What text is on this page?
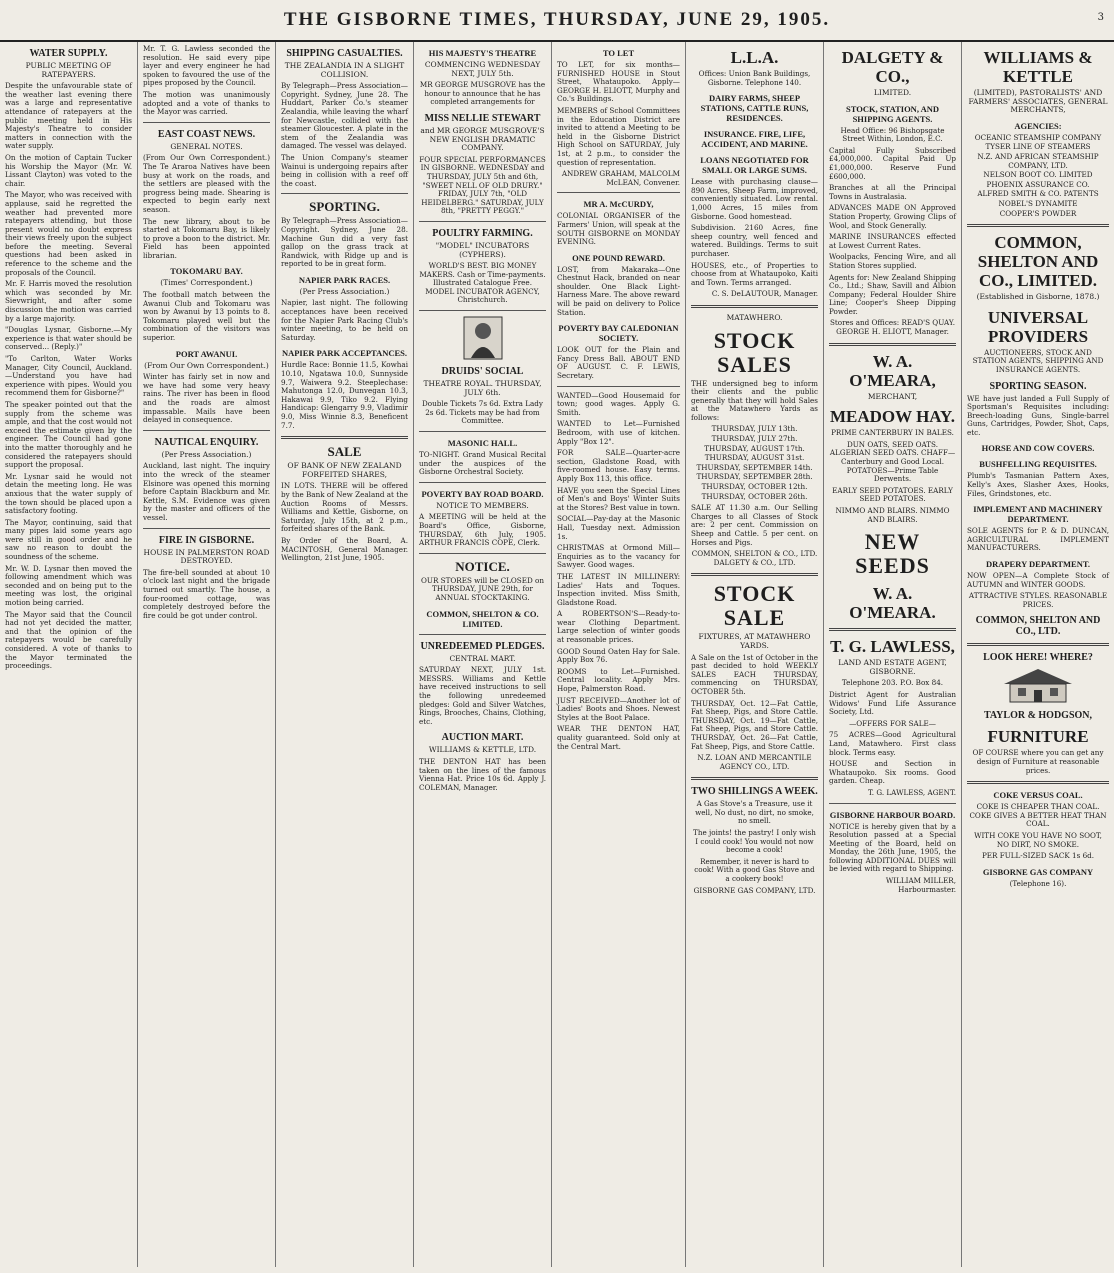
THE GISBORNE TIMES, THURSDAY, JUNE 29, 1905.	3
WATER SUPPLY.
PUBLIC MEETING OF RATEPAYERS.

Despite the unfavourable state of the weather last evening there was a large and representative attendance of ratepayers at the public meeting held in His Majesty's Theatre to consider matters in connection with the water supply.

On the motion of Captain Tucker his Worship the Mayor (Mr. W. Lissant Clayton) was voted to the chair.

The Mayor, who was received with applause, said he regretted the weather had prevented more ratepayers attending, but those present would no doubt express their views freely upon the subject before the meeting. Several questions had been asked in reference to the scheme and the proposals of the Council.

Mr. F. Harris moved the resolution which was seconded by Mr. Sievwright, and after some discussion the motion was carried by a large majority.

"Douglas Lysnar, Gisborne.—My experience is that water should be conserved... (Reply.)"

"To Carlton, Water Works Manager, City Council, Auckland.—Understand you have had experience with pipes. Would you recommend them for Gisborne?"

The speaker pointed out that the supply from the scheme was ample, and that the cost would not exceed the estimate given by the engineer. The Council had gone into the matter thoroughly and he considered the ratepayers should support the proposal.

Mr. Lysnar said he would not detain the meeting long. He was anxious that the water supply of the town should be placed upon a satisfactory footing.

The Mayor, continuing, said that many pipes laid some years ago were still in good order and he saw no reason to doubt the soundness of the scheme.

Mr. W. D. Lysnar then moved the following amendment which was seconded and on being put to the meeting was lost, the original motion being carried.

The Mayor said that the Council had not yet decided the matter, and that the opinion of the ratepayers would be carefully considered. A vote of thanks to the Mayor terminated the proceedings.

Mr. T. G. Lawless seconded the resolution. He said every pipe layer and every engineer he had spoken to favoured the use of the pipes proposed by the Council.

The motion was unanimously adopted and a vote of thanks to the Mayor was carried.

EAST COAST NEWS.
GENERAL NOTES.

(From Our Own Correspondent.) The Te Araroa Natives have been busy at work on the roads, and the settlers are pleased with the progress being made. Shearing is expected to begin early next season.

The new library, about to be started at Tokomaru Bay, is likely to prove a boon to the district. Mr. Field has been appointed librarian.

TOKOMARU BAY.
(Times' Correspondent.)

The football match between the Awanui Club and Tokomaru was won by Awanui by 13 points to 8. Tokomaru played well but the combination of the visitors was superior.

PORT AWANUI.
(From Our Own Correspondent.)

Winter has fairly set in now and we have had some very heavy rains. The river has been in flood and the roads are almost impassable. Mails have been delayed in consequence.

NAUTICAL ENQUIRY.
(Per Press Association.)

Auckland, last night. The inquiry into the wreck of the steamer Elsinore was opened this morning before Captain Blackburn and Mr. Kettle, S.M. Evidence was given by the master and officers of the vessel.

FIRE IN GISBORNE.
HOUSE IN PALMERSTON ROAD DESTROYED.

The fire-bell sounded at about 10 o'clock last night and the brigade turned out smartly. The house, a four-roomed cottage, was completely destroyed before the fire could be got under control.

SHIPPING CASUALTIES.
THE ZEALANDIA IN A SLIGHT COLLISION.

By Telegraph—Press Association—Copyright. Sydney, June 28. The Huddart, Parker Co.'s steamer Zealandia, while leaving the wharf for Newcastle, collided with the steamer Gloucester. A plate in the stem of the Zealandia was damaged. The vessel was delayed.

The Union Company's steamer Wainui is undergoing repairs after being in collision with a reef off the coast.

SPORTING.

By Telegraph—Press Association—Copyright. Sydney, June 28. Machine Gun did a very fast gallop on the grass track at Randwick, with Ridge up and is reported to be in great form.

NAPIER PARK RACES.
(Per Press Association.)

Napier, last night. The following acceptances have been received for the Napier Park Racing Club's winter meeting, to be held on Saturday.

NAPIER PARK ACCEPTANCES.

Hurdle Race: Bonnie 11.5, Kowhai 10.10, Ngatawa 10.0, Sunnyside 9.7, Waiwera 9.2. Steeplechase: Mahutonga 12.0, Dunvegan 10.3, Hakawai 9.9, Tiko 9.2. Flying Handicap: Glengarry 9.9, Vladimir 9.0, Miss Winnie 8.3, Beneficent 7.7.

SALE
OF BANK OF NEW ZEALAND FORFEITED SHARES,

IN LOTS. THERE will be offered by the Bank of New Zealand at the Auction Rooms of Messrs. Williams and Kettle, Gisborne, on Saturday, July 15th, at 2 p.m., forfeited shares of the Bank.

By Order of the Board, A. MACINTOSH, General Manager. Wellington, 21st June, 1905.

HIS MAJESTY'S THEATRE
COMMENCING WEDNESDAY NEXT, JULY 5th.

MR GEORGE MUSGROVE has the honour to announce that he has completed arrangements for

MISS NELLIE STEWART
and MR GEORGE MUSGROVE'S NEW ENGLISH DRAMATIC COMPANY.

FOUR SPECIAL PERFORMANCES IN GISBORNE. WEDNESDAY and THURSDAY, JULY 5th and 6th, "SWEET NELL OF OLD DRURY." FRIDAY, JULY 7th, "OLD HEIDELBERG." SATURDAY, JULY 8th, "PRETTY PEGGY."

POULTRY FARMING.
"MODEL" INCUBATORS (CYPHERS).

WORLD'S BEST. BIG MONEY MAKERS. Cash or Time-payments. Illustrated Catalogue Free. MODEL INCUBATOR AGENCY, Christchurch.

DRUIDS' SOCIAL
THEATRE ROYAL. THURSDAY, JULY 6th.

Double Tickets 7s 6d. Extra Lady 2s 6d. Tickets may be had from Committee.

MASONIC HALL.

TO-NIGHT. Grand Musical Recital under the auspices of the Gisborne Orchestral Society.

POVERTY BAY ROAD BOARD.
NOTICE TO MEMBERS.

A MEETING will be held at the Board's Office, Gisborne, THURSDAY, 6th July, 1905. ARTHUR FRANCIS COPE, Clerk.

NOTICE.

OUR STORES will be CLOSED on THURSDAY, JUNE 29th, for ANNUAL STOCKTAKING.

COMMON, SHELTON & CO. LIMITED.
UNREDEEMED PLEDGES.
CENTRAL MART.

SATURDAY NEXT, JULY 1st. MESSRS. Williams and Kettle have received instructions to sell the following unredeemed pledges: Gold and Silver Watches, Rings, Brooches, Chains, Clothing, etc.

AUCTION MART.
WILLIAMS & KETTLE, LTD.

THE DENTON HAT has been taken on the lines of the famous Vienna Hat. Price 10s 6d. Apply J. COLEMAN, Manager.

TO LET

TO LET, for six months—FURNISHED HOUSE in Stout Street, Whataupoko. Apply—GEORGE H. ELIOTT, Murphy and Co.'s Buildings.

MEMBERS of School Committees in the Education District are invited to attend a Meeting to be held in the Gisborne District High School on SATURDAY, July 1st, at 2 p.m., to consider the question of representation.

ANDREW GRAHAM, MALCOLM McLEAN, Convener.

MR A. McCURDY,

COLONIAL ORGANISER of the Farmers' Union, will speak at the SOUTH GISBORNE on MONDAY EVENING.

ONE POUND REWARD.

LOST, from Makaraka—One Chestnut Hack, branded on near shoulder. One Black Light-Harness Mare. The above reward will be paid on delivery to Police Station.

POVERTY BAY CALEDONIAN SOCIETY.

LOOK OUT for the Plain and Fancy Dress Ball. ABOUT END OF AUGUST. C. F. LEWIS, Secretary.

WANTED—Good Housemaid for town; good wages. Apply G. Smith.

WANTED to Let—Furnished Bedroom, with use of kitchen. Apply "Box 12".

FOR SALE—Quarter-acre section, Gladstone Road, with five-roomed house. Easy terms. Apply Box 113, this office.

HAVE you seen the Special Lines of Men's and Boys' Winter Suits at the Stores? Best value in town.

SOCIAL—Pay-day at the Masonic Hall, Tuesday next. Admission 1s.

CHRISTMAS at Ormond Mill—Enquiries as to the vacancy for Sawyer. Good wages.

THE LATEST IN MILLINERY: Ladies' Hats and Toques. Inspection invited. Miss Smith, Gladstone Road.

A ROBERTSON'S—Ready-to-wear Clothing Department. Large selection of winter goods at reasonable prices.

GOOD Sound Oaten Hay for Sale. Apply Box 76.

ROOMS to Let—Furnished. Central locality. Apply Mrs. Hope, Palmerston Road.

JUST RECEIVED—Another lot of Ladies' Boots and Shoes. Newest Styles at the Boot Palace.

WEAR THE DENTON HAT, quality guaranteed. Sold only at the Central Mart.

L.L.A.

Offices: Union Bank Buildings, Gisborne. Telephone 140.

DAIRY FARMS, SHEEP STATIONS, CATTLE RUNS, RESIDENCES.
INSURANCE. FIRE, LIFE, ACCIDENT, AND MARINE.
LOANS NEGOTIATED FOR SMALL OR LARGE SUMS.

Lease with purchasing clause—890 Acres, Sheep Farm, improved, conveniently situated. Low rental. 1,000 Acres, 15 miles from Gisborne. Good homestead.

Subdivision. 2160 Acres, fine sheep country, well fenced and watered. Buildings. Terms to suit purchaser.

HOUSES, etc., of Properties to choose from at Whataupoko, Kaiti and Town. Terms arranged.

C. S. DeLAUTOUR, Manager.

MATAWHERO.
STOCK SALES

THE undersigned beg to inform their clients and the public generally that they will hold Sales at the Matawhero Yards as follows:

THURSDAY, JULY 13th.
THURSDAY, JULY 27th.
THURSDAY, AUGUST 17th.
THURSDAY, AUGUST 31st.
THURSDAY, SEPTEMBER 14th.
THURSDAY, SEPTEMBER 28th.
THURSDAY, OCTOBER 12th.
THURSDAY, OCTOBER 26th.

SALE AT 11.30 a.m. Our Selling Charges to all Classes of Stock are: 2 per cent. Commission on Sheep and Cattle. 5 per cent. on Horses and Pigs.

COMMON, SHELTON & CO., LTD. DALGETY & CO., LTD.

STOCK SALE
FIXTURES, AT MATAWHERO YARDS.

A Sale on the 1st of October in the past decided to hold WEEKLY SALES EACH THURSDAY, commencing on THURSDAY, OCTOBER 5th.

THURSDAY, Oct. 12—Fat Cattle, Fat Sheep, Pigs, and Store Cattle. THURSDAY, Oct. 19—Fat Cattle, Fat Sheep, Pigs, and Store Cattle. THURSDAY, Oct. 26—Fat Cattle, Fat Sheep, Pigs, and Store Cattle.

N.Z. LOAN AND MERCANTILE AGENCY CO., LTD.

TWO SHILLINGS A WEEK.

A Gas Stove's a Treasure, use it well, No dust, no dirt, no smoke, no smell.

The joints! the pastry! I only wish I could cook! You would not now become a cook!

Remember, it never is hard to cook! With a good Gas Stove and a cookery book!

GISBORNE GAS COMPANY, LTD.

DALGETY & CO.,
LIMITED.
STOCK, STATION, AND SHIPPING AGENTS.

Head Office: 96 Bishopsgate Street Within, London, E.C.

Capital Fully Subscribed £4,000,000. Capital Paid Up £1,000,000. Reserve Fund £600,000.

Branches at all the Principal Towns in Australasia.

ADVANCES MADE ON Approved Station Property, Growing Clips of Wool, and Stock Generally.

MARINE INSURANCES effected at Lowest Current Rates.

Woolpacks, Fencing Wire, and all Station Stores supplied.

Agents for: New Zealand Shipping Co., Ltd.; Shaw, Savill and Albion Company; Federal Houlder Shire Line; Cooper's Sheep Dipping Powder.

Stores and Offices: READ'S QUAY. GEORGE H. ELIOTT, Manager.

W. A. O'MEARA,
MERCHANT,
MEADOW HAY.

PRIME CANTERBURY IN BALES.

DUN OATS, SEED OATS. ALGERIAN SEED OATS. CHAFF—Canterbury and Good Local. POTATOES—Prime Table Derwents.

EARLY SEED POTATOES. EARLY SEED POTATOES.

NIMMO AND BLAIRS. NIMMO AND BLAIRS.

NEW SEEDS
W. A. O'MEARA.
T. G. LAWLESS,
LAND AND ESTATE AGENT, GISBORNE.

Telephone 203. P.O. Box 84.

District Agent for Australian Widows' Fund Life Assurance Society, Ltd.

—OFFERS FOR SALE—

75 ACRES—Good Agricultural Land, Matawhero. First class block. Terms easy.

HOUSE and Section in Whataupoko. Six rooms. Good garden. Cheap.

T. G. LAWLESS, AGENT.

GISBORNE HARBOUR BOARD.

NOTICE is hereby given that by a Resolution passed at a Special Meeting of the Board, held on Monday, the 26th June, 1905, the following ADDITIONAL DUES will be levied with regard to Shipping.

WILLIAM MILLER, Harbourmaster.

WILLIAMS & KETTLE
(LIMITED), PASTORALISTS' AND FARMERS' ASSOCIATES, GENERAL MERCHANTS,
AGENCIES:
OCEANIC STEAMSHIP COMPANY
TYSER LINE OF STEAMERS
N.Z. AND AFRICAN STEAMSHIP COMPANY, LTD.
NELSON BOOT CO. LIMITED
PHOENIX ASSURANCE CO.
ALFRED SMITH & CO. PATENTS
NOBEL'S DYNAMITE
COOPER'S POWDER
COMMON, SHELTON AND CO., LIMITED.
(Established in Gisborne, 1878.)
UNIVERSAL PROVIDERS

AUCTIONEERS, STOCK AND STATION AGENTS, SHIPPING AND INSURANCE AGENTS.

SPORTING SEASON.

WE have just landed a Full Supply of Sportsman's Requisites including: Breech-loading Guns, Single-barrel Guns, Cartridges, Powder, Shot, Caps, etc.

HORSE AND COW COVERS.
BUSHFELLING REQUISITES.

Plumb's Tasmanian Pattern Axes, Kelly's Axes, Slasher Axes, Hooks, Files, Grindstones, etc.

IMPLEMENT AND MACHINERY DEPARTMENT.

SOLE AGENTS for P. & D. DUNCAN, AGRICULTURAL IMPLEMENT MANUFACTURERS.

DRAPERY DEPARTMENT.

NOW OPEN—A Complete Stock of AUTUMN and WINTER GOODS.

ATTRACTIVE STYLES. REASONABLE PRICES.

COMMON, SHELTON AND CO., LTD.
LOOK HERE! WHERE?
TAYLOR & HODGSON,
FURNITURE

OF COURSE where you can get any design of Furniture at reasonable prices.

COKE VERSUS COAL.

COKE IS CHEAPER THAN COAL. COKE GIVES A BETTER HEAT THAN COAL.

WITH COKE YOU HAVE NO SOOT, NO DIRT, NO SMOKE.

PER FULL-SIZED SACK 1s 6d.

GISBORNE GAS COMPANY

(Telephone 16).
